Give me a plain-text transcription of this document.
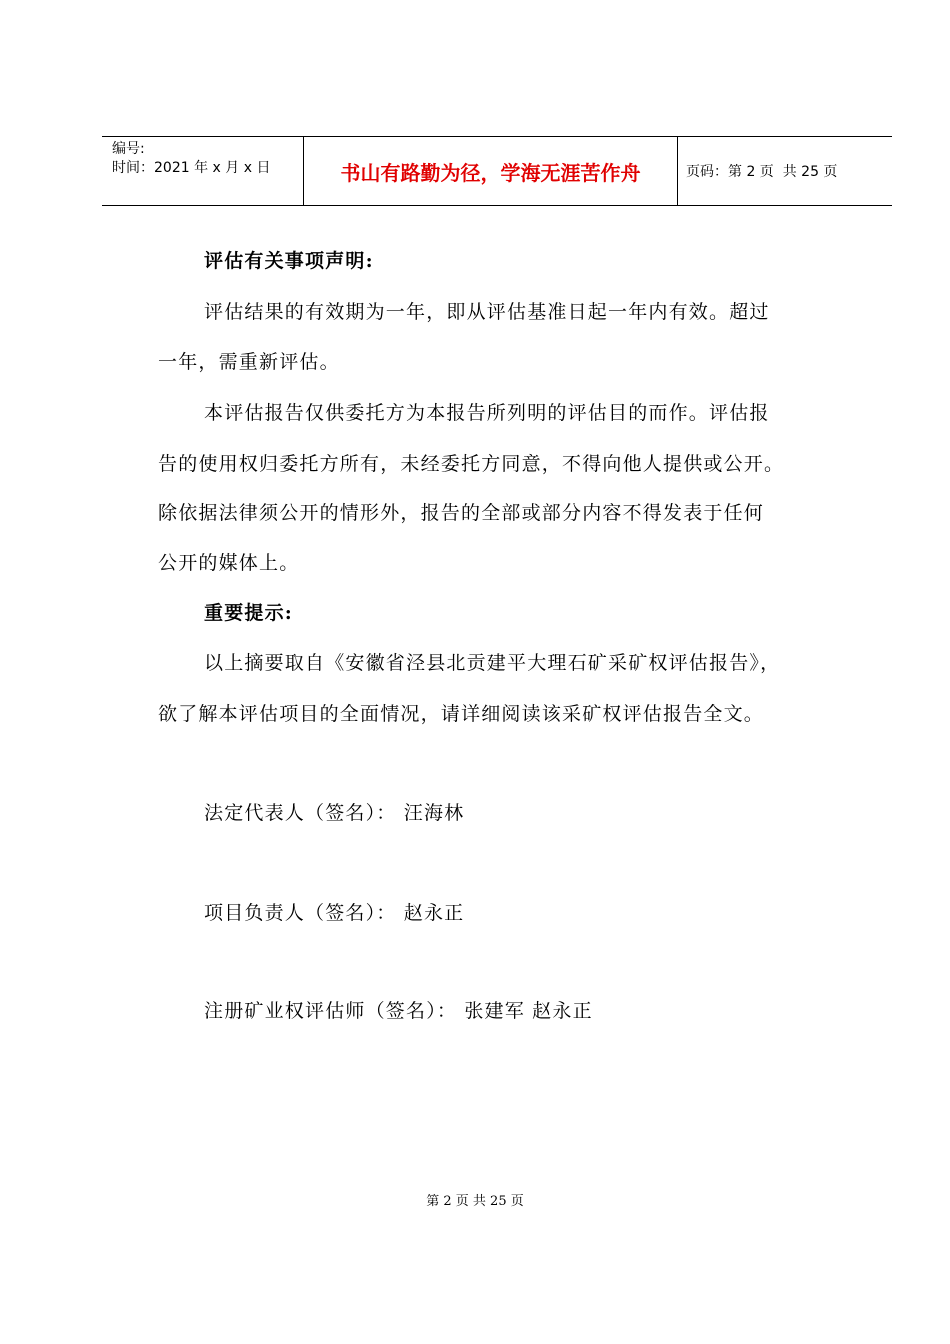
编号:
时间：2021 年 x 月 x 日	书山有路勤为径，学海无涯苦作舟	页码：第 2 页  共 25 页
评估有关事项声明:
评估结果的有效期为一年，即从评估基准日起一年内有效。超过
一年，需重新评估。
本评估报告仅供委托方为本报告所列明的评估目的而作。评估报
告的使用权归委托方所有，未经委托方同意，不得向他人提供或公开。
除依据法律须公开的情形外，报告的全部或部分内容不得发表于任何
公开的媒体上。
重要提示:
以上摘要取自《安徽省泾县北贡建平大理石矿采矿权评估报告》，
欲了解本评估项目的全面情况，请详细阅读该采矿权评估报告全文。
法定代表人（签名）： 汪海林
项目负责人（签名）： 赵永正
注册矿业权评估师（签名）： 张建军 赵永正
第 2 页 共 25 页
